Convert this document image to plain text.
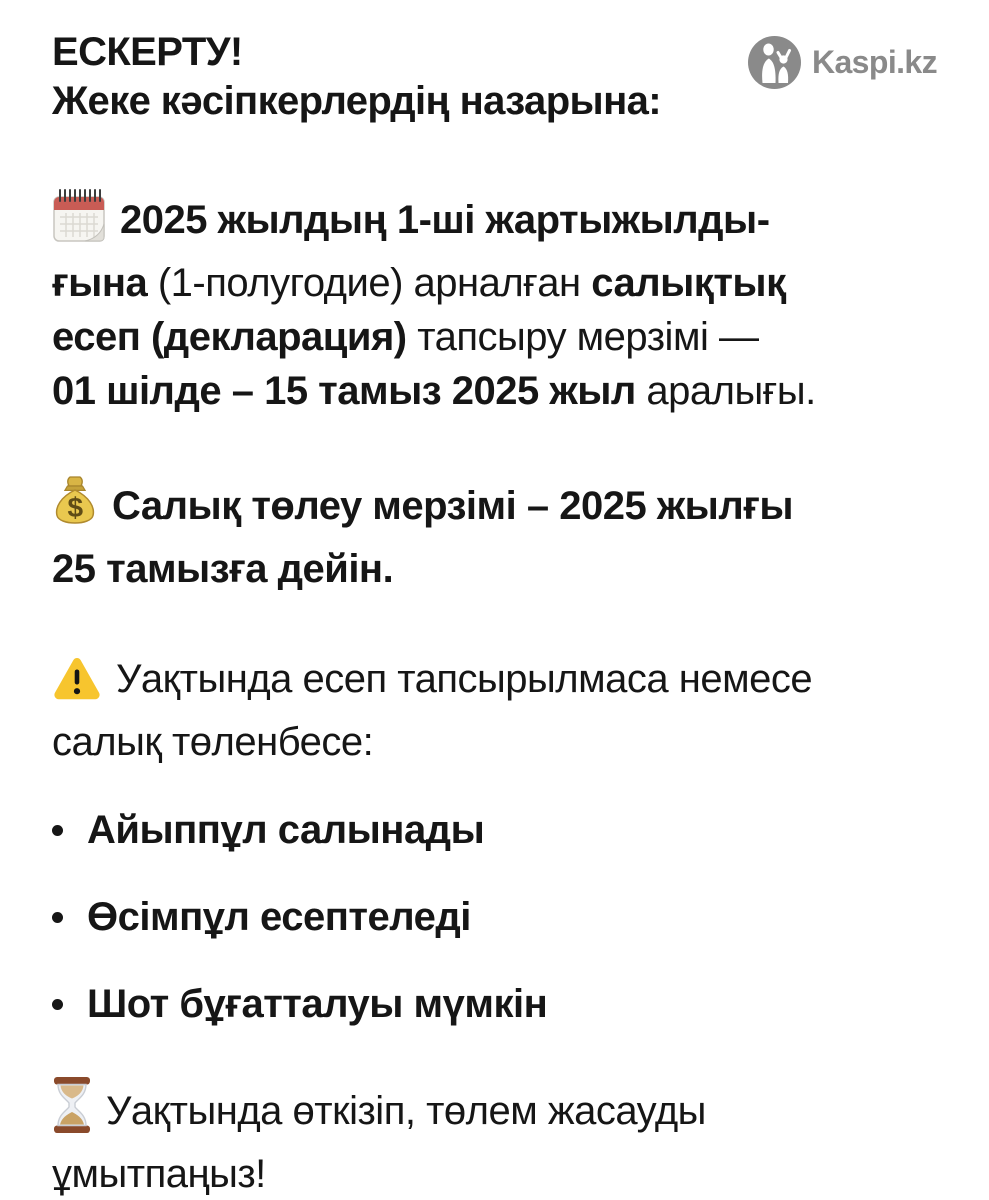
ЕСКЕРТУ!
Жеке кәсіпкерлердің назарына:
Kaspi.kz
2025 жылдың 1-ші жартыжылды-
ғына (1-полугодие) арналған салықтық
есеп (декларация) тапсыру мерзімі —
01 шілде – 15 тамыз 2025 жыл аралығы.
$ Салық төлеу мерзімі – 2025 жылғы
25 тамызға дейін.
Уақтында есеп тапсырылмаса немесе
салық төленбесе:
Айыппұл салынады
Өсімпұл есептеледі
Шот бұғатталуы мүмкін
Уақтында өткізіп, төлем жасауды
ұмытпаңыз!
